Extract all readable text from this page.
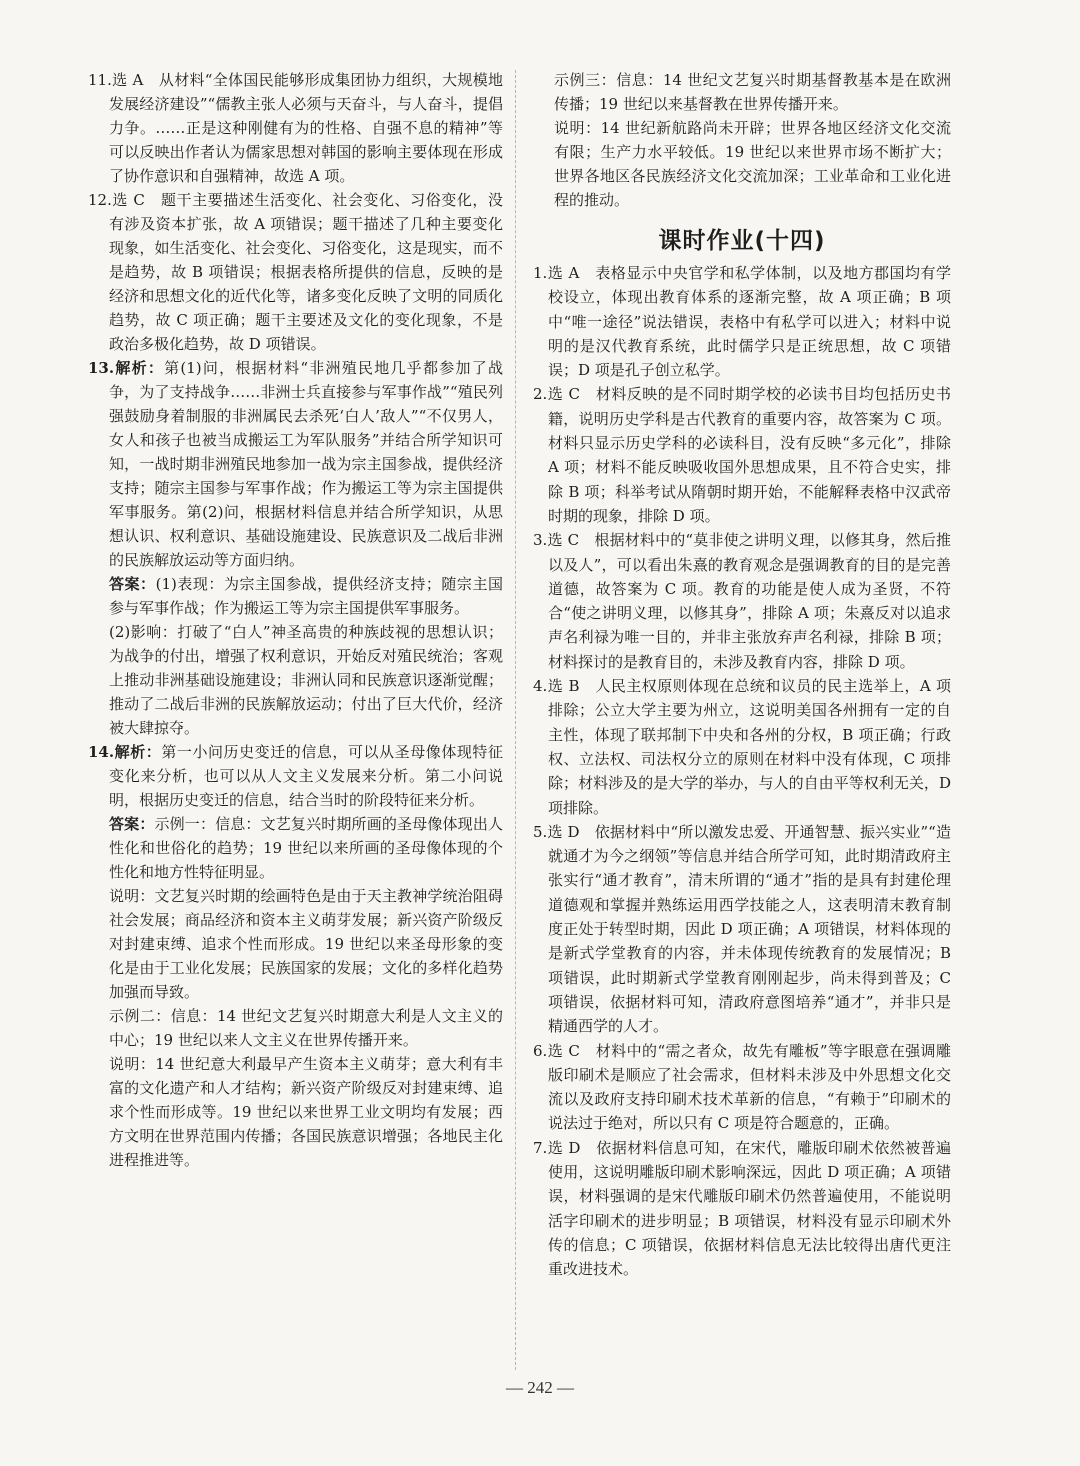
11.选 A　从材料“全体国民能够形成集团协力组织，大规模地发展经济建设”“儒教主张人必须与天奋斗，与人奋斗，提倡力争。……正是这种刚健有为的性格、自强不息的精神”等可以反映出作者认为儒家思想对韩国的影响主要体现在形成了协作意识和自强精神，故选 A 项。

12.选 C　题干主要描述生活变化、社会变化、习俗变化，没有涉及资本扩张，故 A 项错误；题干描述了几种主要变化现象，如生活变化、社会变化、习俗变化，这是现实，而不是趋势，故 B 项错误；根据表格所提供的信息，反映的是经济和思想文化的近代化等，诸多变化反映了文明的同质化趋势，故 C 项正确；题干主要述及文化的变化现象，不是政治多极化趋势，故 D 项错误。

13.解析：第(1)问，根据材料“非洲殖民地几乎都参加了战争，为了支持战争……非洲士兵直接参与军事作战”“殖民列强鼓励身着制服的非洲属民去杀死‘白人’敌人”“不仅男人，女人和孩子也被当成搬运工为军队服务”并结合所学知识可知，一战时期非洲殖民地参加一战为宗主国参战，提供经济支持；随宗主国参与军事作战；作为搬运工等为宗主国提供军事服务。第(2)问，根据材料信息并结合所学知识，从思想认识、权利意识、基础设施建设、民族意识及二战后非洲的民族解放运动等方面归纳。

答案：(1)表现：为宗主国参战，提供经济支持；随宗主国参与军事作战；作为搬运工等为宗主国提供军事服务。

(2)影响：打破了“白人”神圣高贵的种族歧视的思想认识；为战争的付出，增强了权利意识，开始反对殖民统治；客观上推动非洲基础设施建设；非洲认同和民族意识逐渐觉醒；推动了二战后非洲的民族解放运动；付出了巨大代价，经济被大肆掠夺。

14.解析：第一小问历史变迁的信息，可以从圣母像体现特征变化来分析，也可以从人文主义发展来分析。第二小问说明，根据历史变迁的信息，结合当时的阶段特征来分析。

答案：示例一：信息：文艺复兴时期所画的圣母像体现出人性化和世俗化的趋势；19 世纪以来所画的圣母像体现的个性化和地方性特征明显。

说明：文艺复兴时期的绘画特色是由于天主教神学统治阻碍社会发展；商品经济和资本主义萌芽发展；新兴资产阶级反对封建束缚、追求个性而形成。19 世纪以来圣母形象的变化是由于工业化发展；民族国家的发展；文化的多样化趋势加强而导致。

示例二：信息：14 世纪文艺复兴时期意大利是人文主义的中心；19 世纪以来人文主义在世界传播开来。

说明：14 世纪意大利最早产生资本主义萌芽；意大利有丰富的文化遗产和人才结构；新兴资产阶级反对封建束缚、追求个性而形成等。19 世纪以来世界工业文明均有发展；西方文明在世界范围内传播；各国民族意识增强；各地民主化进程推进等。

示例三：信息：14 世纪文艺复兴时期基督教基本是在欧洲传播；19 世纪以来基督教在世界传播开来。

说明：14 世纪新航路尚未开辟；世界各地区经济文化交流有限；生产力水平较低。19 世纪以来世界市场不断扩大；世界各地区各民族经济文化交流加深；工业革命和工业化进程的推动。

课时作业(十四)

1.选 A　表格显示中央官学和私学体制，以及地方郡国均有学校设立，体现出教育体系的逐渐完整，故 A 项正确；B 项中“唯一途径”说法错误，表格中有私学可以进入；材料中说明的是汉代教育系统，此时儒学只是正统思想，故 C 项错误；D 项是孔子创立私学。

2.选 C　材料反映的是不同时期学校的必读书目均包括历史书籍，说明历史学科是古代教育的重要内容，故答案为 C 项。材料只显示历史学科的必读科目，没有反映“多元化”，排除 A 项；材料不能反映吸收国外思想成果，且不符合史实，排除 B 项；科举考试从隋朝时期开始，不能解释表格中汉武帝时期的现象，排除 D 项。

3.选 C　根据材料中的“莫非使之讲明义理，以修其身，然后推以及人”，可以看出朱熹的教育观念是强调教育的目的是完善道德，故答案为 C 项。教育的功能是使人成为圣贤，不符合“使之讲明义理，以修其身”，排除 A 项；朱熹反对以追求声名利禄为唯一目的，并非主张放弃声名利禄，排除 B 项；材料探讨的是教育目的，未涉及教育内容，排除 D 项。

4.选 B　人民主权原则体现在总统和议员的民主选举上，A 项排除；公立大学主要为州立，这说明美国各州拥有一定的自主性，体现了联邦制下中央和各州的分权，B 项正确；行政权、立法权、司法权分立的原则在材料中没有体现，C 项排除；材料涉及的是大学的举办，与人的自由平等权利无关，D 项排除。

5.选 D　依据材料中“所以激发忠爱、开通智慧、振兴实业”“造就通才为今之纲领”等信息并结合所学可知，此时期清政府主张实行“通才教育”，清末所谓的“通才”指的是具有封建伦理道德观和掌握并熟练运用西学技能之人，这表明清末教育制度正处于转型时期，因此 D 项正确；A 项错误，材料体现的是新式学堂教育的内容，并未体现传统教育的发展情况；B 项错误，此时期新式学堂教育刚刚起步，尚未得到普及；C 项错误，依据材料可知，清政府意图培养“通才”，并非只是精通西学的人才。

6.选 C　材料中的“需之者众，故先有雕板”等字眼意在强调雕版印刷术是顺应了社会需求，但材料未涉及中外思想文化交流以及政府支持印刷术技术革新的信息，“有赖于”印刷术的说法过于绝对，所以只有 C 项是符合题意的，正确。

7.选 D　依据材料信息可知，在宋代，雕版印刷术依然被普遍使用，这说明雕版印刷术影响深远，因此 D 项正确；A 项错误，材料强调的是宋代雕版印刷术仍然普遍使用，不能说明活字印刷术的进步明显；B 项错误，材料没有显示印刷术外传的信息；C 项错误，依据材料信息无法比较得出唐代更注重改进技术。

— 242 —
